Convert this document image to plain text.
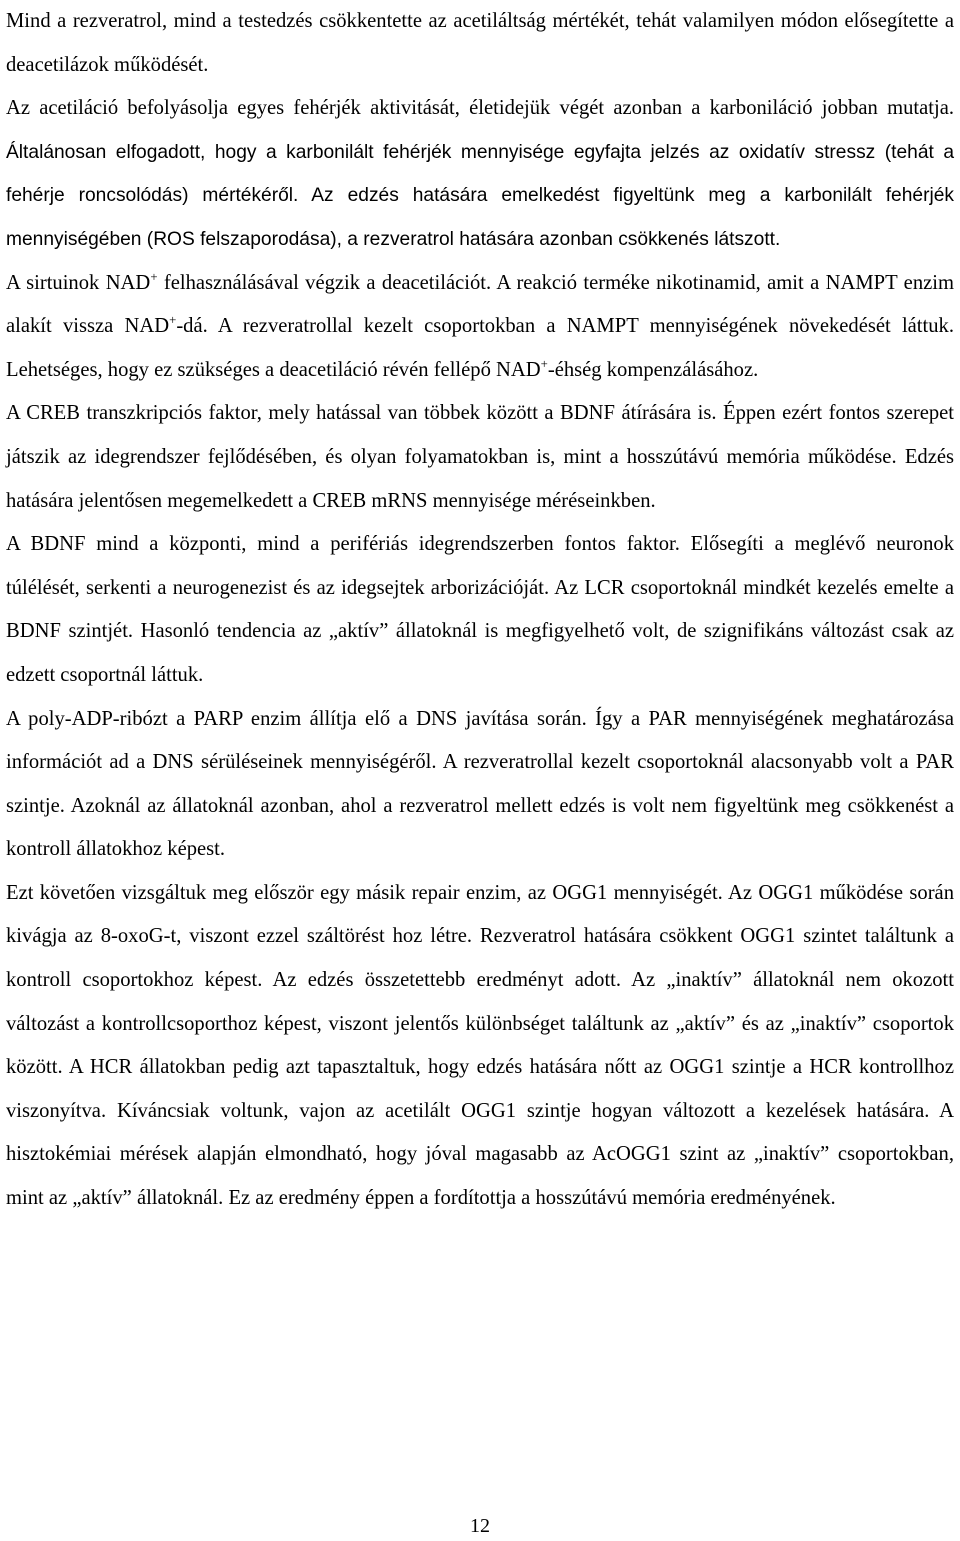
Mind a rezveratrol, mind a testedzés csökkentette az acetiláltság mértékét, tehát valamilyen módon elősegítette a deacetilázok működését.

Az acetiláció befolyásolja egyes fehérjék aktivitását, életidejük végét azonban a karboniláció jobban mutatja. Általánosan elfogadott, hogy a karbonilált fehérjék mennyisége egyfajta jelzés az oxidatív stressz (tehát a fehérje roncsolódás) mértékéről. Az edzés hatására emelkedést figyeltünk meg a karbonilált fehérjék mennyiségében (ROS felszaporodása), a rezveratrol hatására azonban csökkenés látszott.

A sirtuinok NAD+ felhasználásával végzik a deacetilációt. A reakció terméke nikotinamid, amit a NAMPT enzim alakít vissza NAD+-dá. A rezveratrollal kezelt csoportokban a NAMPT mennyiségének növekedését láttuk. Lehetséges, hogy ez szükséges a deacetiláció révén fellépő NAD+-éhség kompenzálásához.

A CREB transzkripciós faktor, mely hatással van többek között a BDNF átírására is. Éppen ezért fontos szerepet játszik az idegrendszer fejlődésében, és olyan folyamatokban is, mint a hosszútávú memória működése. Edzés hatására jelentősen megemelkedett a CREB mRNS mennyisége méréseinkben.

A BDNF mind a központi, mind a perifériás idegrendszerben fontos faktor. Elősegíti a meglévő neuronok túlélését, serkenti a neurogenezist és az idegsejtek arborizációját. Az LCR csoportoknál mindkét kezelés emelte a BDNF szintjét. Hasonló tendencia az „aktív” állatoknál is megfigyelhető volt, de szignifikáns változást csak az edzett csoportnál láttuk.

A poly-ADP-ribózt a PARP enzim állítja elő a DNS javítása során. Így a PAR mennyiségének meghatározása információt ad a DNS sérüléseinek mennyiségéről. A rezveratrollal kezelt csoportoknál alacsonyabb volt a PAR szintje. Azoknál az állatoknál azonban, ahol a rezveratrol mellett edzés is volt nem figyeltünk meg csökkenést a kontroll állatokhoz képest.

Ezt követően vizsgáltuk meg először egy másik repair enzim, az OGG1 mennyiségét. Az OGG1 működése során kivágja az 8-oxoG-t, viszont ezzel száltörést hoz létre. Rezveratrol hatására csökkent OGG1 szintet találtunk a kontroll csoportokhoz képest. Az edzés összetettebb eredményt adott. Az „inaktív” állatoknál nem okozott változást a kontrollcsoporthoz képest, viszont jelentős különbséget találtunk az „aktív” és az „inaktív” csoportok között. A HCR állatokban pedig azt tapasztaltuk, hogy edzés hatására nőtt az OGG1 szintje a HCR kontrollhoz viszonyítva. Kíváncsiak voltunk, vajon az acetilált OGG1 szintje hogyan változott a kezelések hatására. A hisztokémiai mérések alapján elmondható, hogy jóval magasabb az AcOGG1 szint az „inaktív” csoportokban, mint az „aktív” állatoknál. Ez az eredmény éppen a fordítottja a hosszútávú memória eredményének.

12
